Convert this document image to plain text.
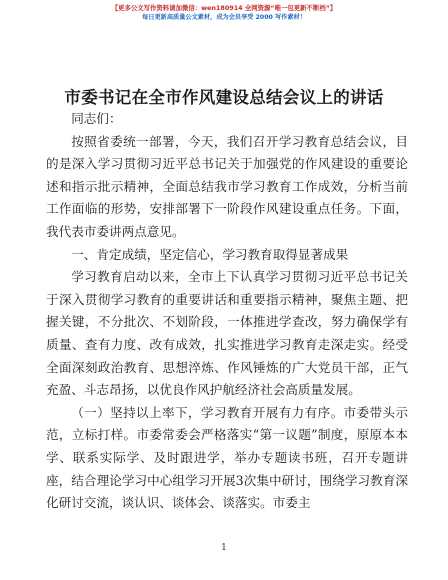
【更多公文写作资料请加微信：wen180914 全网资源“唯一包更新不断档”】
每日更新高质量公文素材，成为会员享受 2000 写作素材！
市委书记在全市作风建设总结会议上的讲话

同志们：

按照省委统一部署，今天，我们召开学习教育总结会议，目的是深入学习贯彻习近平总书记关于加强党的作风建设的重要论述和指示批示精神，全面总结我市学习教育工作成效，分析当前工作面临的形势，安排部署下一阶段作风建设重点任务。下面，我代表市委讲两点意见。

一、肯定成绩，坚定信心，学习教育取得显著成果

学习教育启动以来，全市上下认真学习贯彻习近平总书记关于深入贯彻学习教育的重要讲话和重要指示精神，聚焦主题、把握关键，不分批次、不划阶段，一体推进学查改，努力确保学有质量、查有力度、改有成效，扎实推进学习教育走深走实。经受全面深刻政治教育、思想淬炼、作风锤炼的广大党员干部，正气充盈、斗志昂扬，以优良作风护航经济社会高质量发展。

（一）坚持以上率下，学习教育开展有力有序。市委带头示范，立标打样。市委常委会严格落实“第一议题”制度，原原本本学、联系实际学、及时跟进学，举办专题读书班，召开专题讲座，结合理论学习中心组学习开展3次集中研讨，围绕学习教育深化研讨交流，谈认识、谈体会、谈落实。市委主

1
